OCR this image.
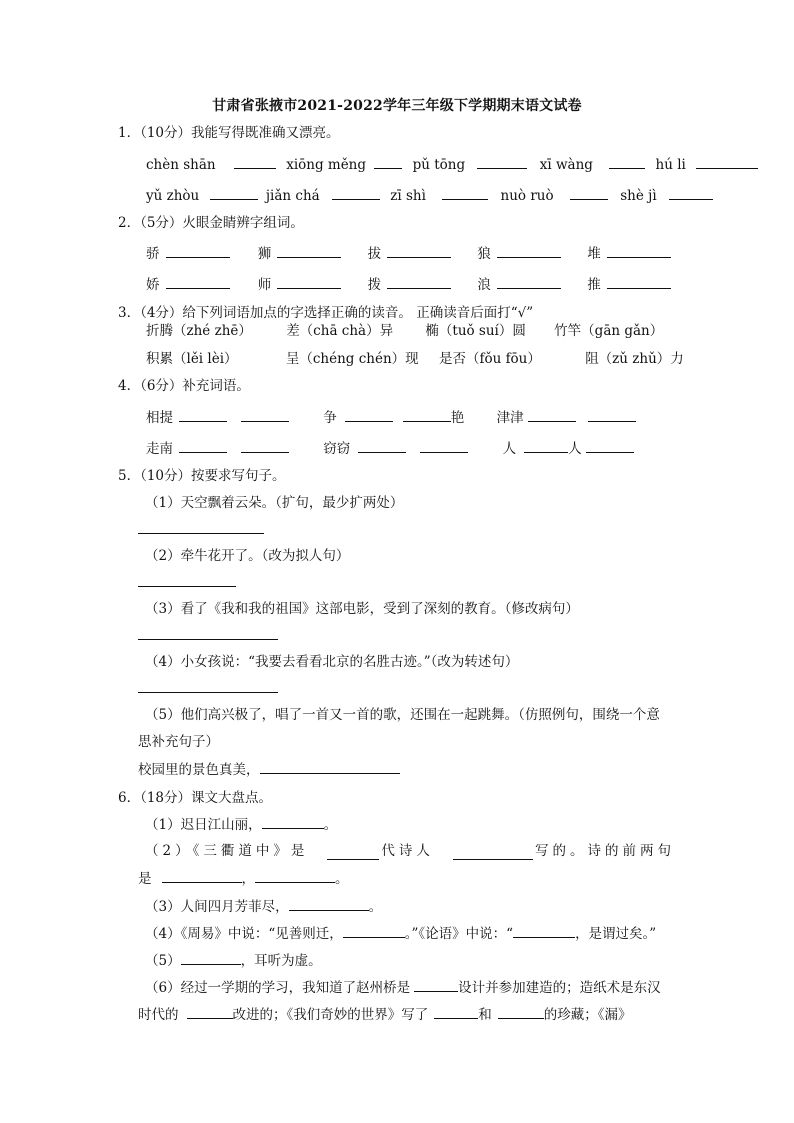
甘肃省张掖市2021-2022学年三年级下学期期末语文试卷
1．（10分）我能写得既准确又漂亮。
chèn shān	xiōng měng	pǔ tōng	xī wàng	hú li
yǔ zhòu	jiǎn chá	zī shì	nuò ruò	shè jì
2．（5分）火眼金睛辨字组词。
骄	狮	拔	狼	堆
娇	师	拨	浪	推
3．（4分）给下列词语加点的字选择正确的读音。 正确读音后面打“√”
折腾（zhé zhē）	差（chā chà）异 椭（tuǒ suí）圆 竹竿（gān gǎn）
积累（lěi lèi）	呈（chéng chén）现 是否（fǒu fōu）	阻（zǔ zhǔ）力
4．（6分）补充词语。
相提	争	艳 津津
走南	窃窃	人	人
5．（10分）按要求写句子。
（1）天空飘着云朵。（扩句，最少扩两处）
（2）牵牛花开了。（改为拟人句）
（3）看了《我和我的祖国》这部电影，受到了深刻的教育。（修改病句）
（4）小女孩说：“我要去看看北京的名胜古迹。”（改为转述句）
（5）他们高兴极了，唱了一首又一首的歌，还围在一起跳舞。（仿照例句，围绕一个意
思补充句子）
校园里的景色真美，
6．（18分）课文大盘点。
（1）迟日江山丽，	。
（2）《三衢道中》是	代诗人	写的。诗的前两句
是	，	。
（3）人间四月芳菲尽，	。
（4）《周易》中说：“见善则迁，	。”《论语》中说：“	，是谓过矣。”
（5）	，耳听为虚。
（6）经过一学期的学习，我知道了赵州桥是	设计并参加建造的；造纸术是东汉
时代的	改进的；《我们奇妙的世界》写了	和	的珍藏；《漏》
